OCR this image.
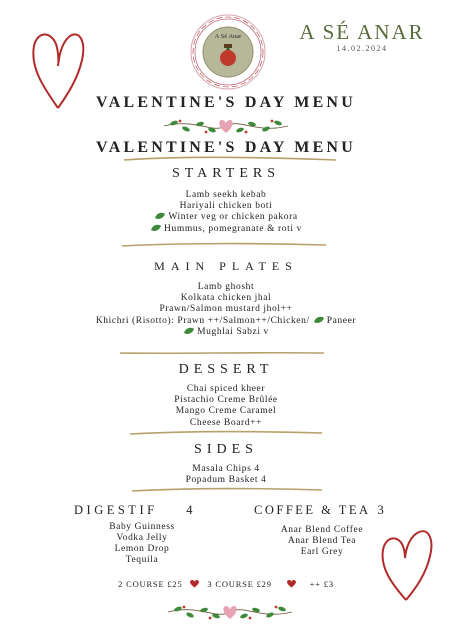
A Sé Anar	A SÉ ANAR
14.02.2024
VALENTINE'S DAY MENU
VALENTINE'S DAY MENU
STARTERS
Lamb seekh kebab
Hariyali chicken boti
Winter veg or chicken pakora
Hummus, pomegranate & roti v
MAIN PLATES
Lamb ghosht
Kolkata chicken jhal
Prawn/Salmon mustard jhol++
Khichri (Risotto): Prawn ++/Salmon++/Chicken/ Paneer
Mughlai Sabzi v
DESSERT
Chai spiced kheer
Pistachio Creme Brûlée
Mango Creme Caramel
Cheese Board++
SIDES
Masala Chips 4
Popadum Basket 4
DIGESTIF 4
Baby Guinness
Vodka Jelly
Lemon Drop
Tequila
COFFEE & TEA 3
Anar Blend Coffee
Anar Blend Tea
Earl Grey
2 COURSE £25	3 COURSE £29	++ £3
